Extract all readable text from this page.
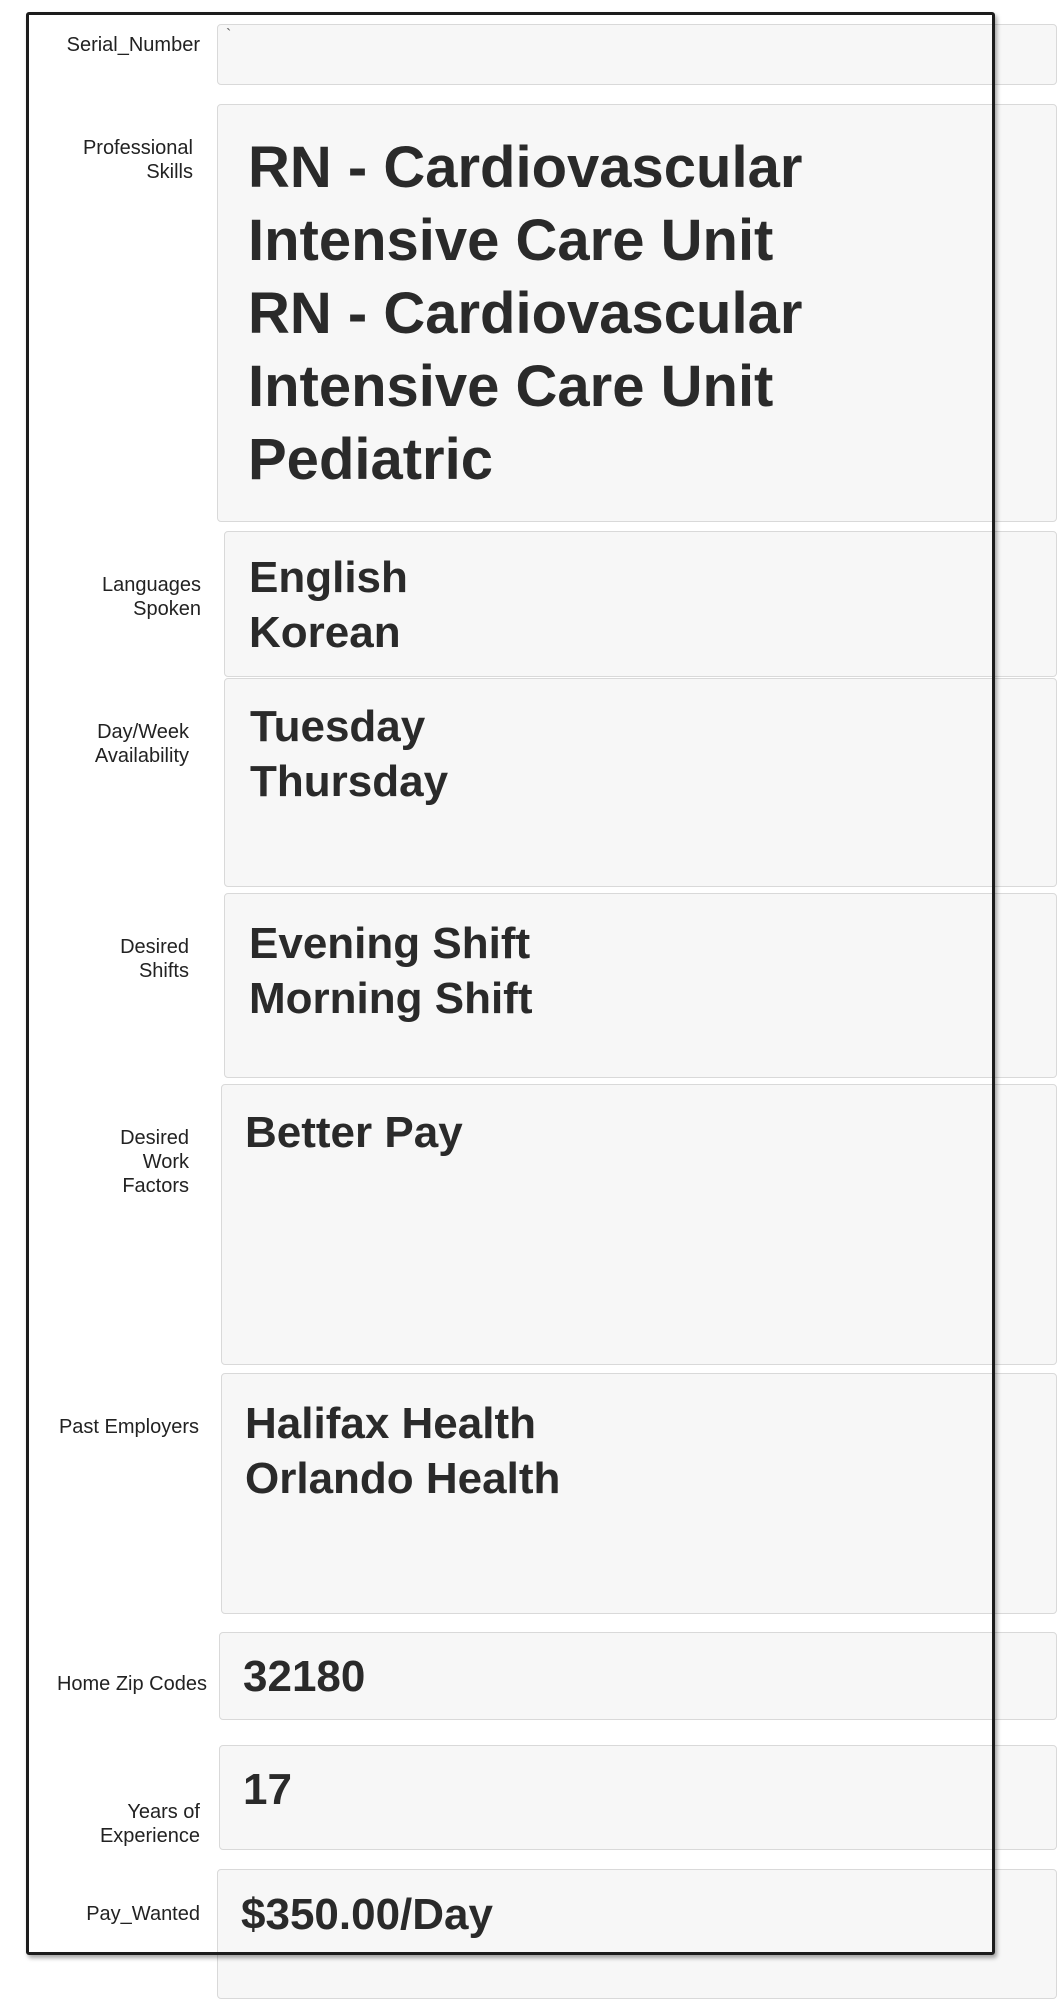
Serial_Number `

Professional
Skills RN - Cardiovascular
Intensive Care Unit
RN - Cardiovascular
Intensive Care Unit
Pediatric
Languages
Spoken
English
Korean
Day/Week
Availability
Tuesday
Thursday
Desired
Shifts
Evening Shift
Morning Shift
Desired
Work
Factors
Better Pay
Past Employers	Halifax Health
Orlando Health
Home Zip Codes 32180
Years of
Experience
17
Pay_Wanted $350.00/Day
